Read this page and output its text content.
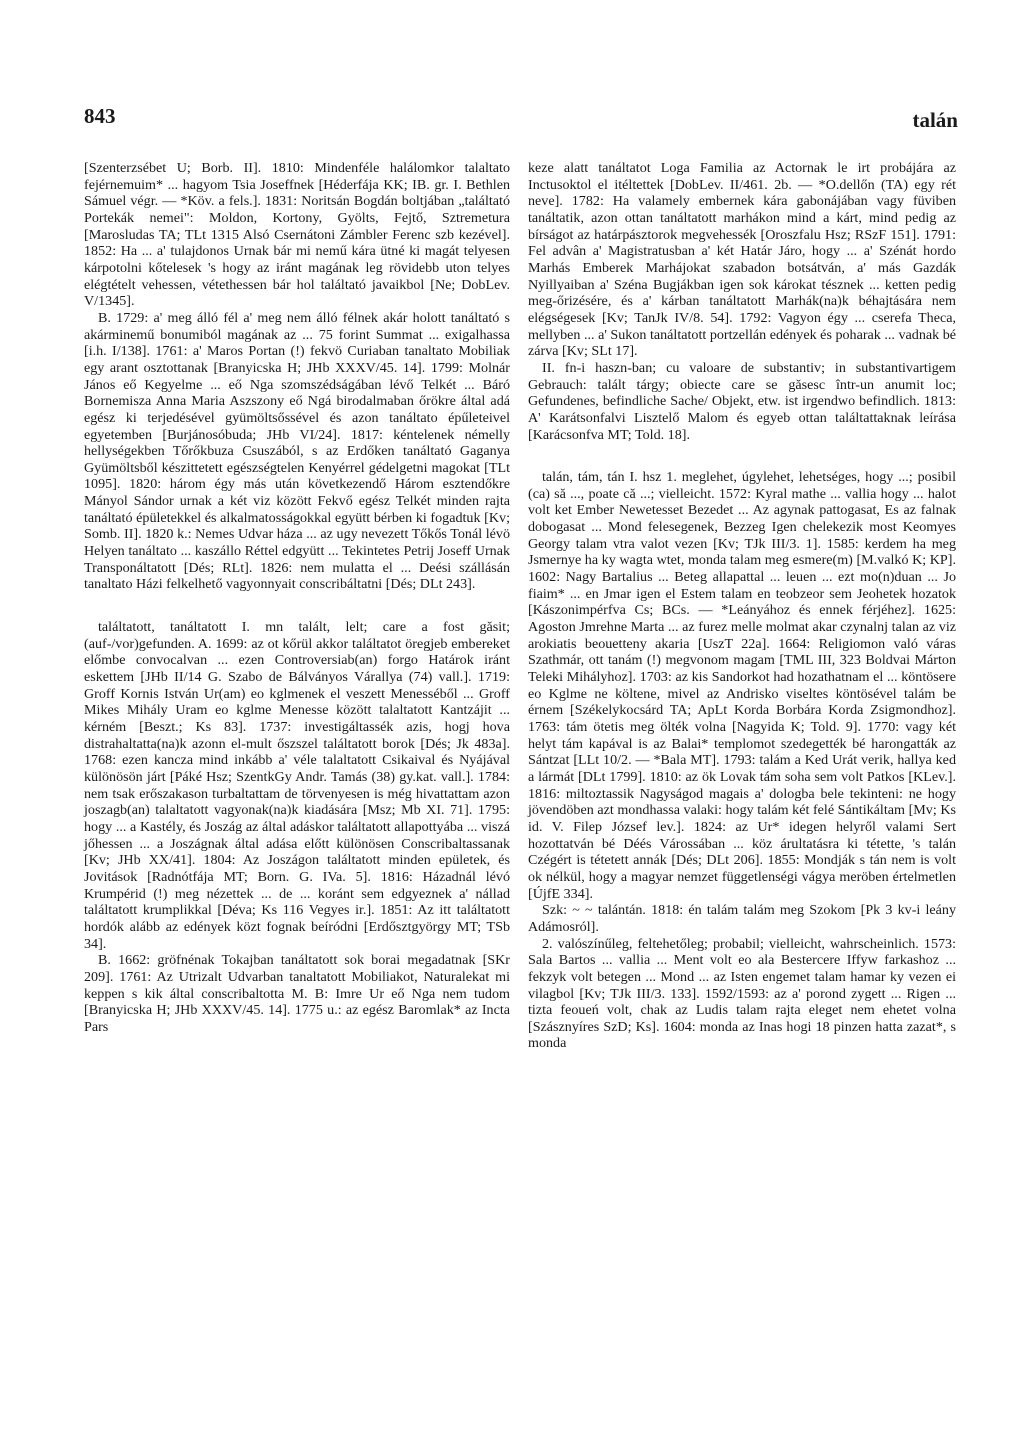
843	talán

[Szenterzsébet U; Borb. II]. 1810: Mindenféle halálomkor talaltato fejérnemuim* ... hagyom Tsia Joseffnek [Héderfája KK; IB. gr. I. Bethlen Sámuel végr. — *Köv. a fels.]. 1831: Noritsán Bogdán boltjában „találtató Portekák nemei": Moldon, Kortony, Gyölts, Fejtő, Sztremetura [Marosludas TA; TLt 1315 Alsó Csernátoni Zámbler Ferenc szb kezével]. 1852: Ha ... a' tulajdonos Urnak bár mi nemű kára ütné ki magát telyesen kárpotolni kőtelesek 's hogy az iránt magának leg rövidebb uton telyes elégtételt vehessen, vétethessen bár hol találtató javaikbol [Ne; DobLev. V/1345].

B. 1729: a' meg álló fél a' meg nem álló félnek akár holott tanáltató s akárminemű bonumiból magának az ... 75 forint Summat ... exigalhassa [i.h. I/138]. 1761: a' Maros Portan (!) fekvö Curiaban tanaltato Mobiliak egy arant osztottanak [Branyicska H; JHb XXXV/45. 14]. 1799: Molnár János eő Kegyelme ... eő Nga szomszédságában lévő Telkét ... Báró Bornemisza Anna Maria Aszszony eő Ngá birodalmaban őrökre által adá egész ki terjedésével gyümöltsőssével és azon tanáltato épűleteivel egyetemben [Burjánosóbuda; JHb VI/24]. 1817: kéntelenek némelly hellységekben Tőrőkbuza Csuszából, s az Erdőken tanáltató Gaganya Gyümöltsből készittetett egészségtelen Kenyérrel gédelgetni magokat [TLt 1095]. 1820: három égy más után következendő Három esztendőkre Mányol Sándor urnak a két viz között Fekvő egész Telkét minden rajta tanáltató épületekkel és alkalmatosságokkal együtt bérben ki fogadtuk [Kv; Somb. II]. 1820 k.: Nemes Udvar háza ... az ugy nevezett Tőkős Tonál lévö Helyen tanáltato ... kaszállo Réttel edgyütt ... Tekintetes Petrij Joseff Urnak Transponáltatott [Dés; RLt]. 1826: nem mulatta el ... Deési szállásán tanaltato Házi felkelhető vagyonnyait conscribáltatni [Dés; DLt 243].

találtatott, tanáltatott I. mn talált, lelt; care a fost găsit; (auf-/vor)gefunden. A. 1699: az ot kőrül akkor találtatot öregjeb embereket előmbe convocalvan ... ezen Controversiab(an) forgo Határok iránt eskettem [JHb II/14 G. Szabo de Bálványos Várallya (74) vall.]. 1719: Groff Kornis István Ur(am) eo kglmenek el veszett Menesséből ... Groff Mikes Mihály Uram eo kglme Menesse között talaltatott Kantzájit ... kérném [Beszt.; Ks 83]. 1737: investigáltassék azis, hogj hova distrahaltatta(na)k azonn el-mult őszszel találtatott borok [Dés; Jk 483a]. 1768: ezen kancza mind inkább a' véle talaltatott Csikaival és Nyájával különösön járt [Páké Hsz; SzentkGy Andr. Tamás (38) gy.kat. vall.]. 1784: nem tsak erőszakason turbaltattam de törvenyesen is még hivattattam azon joszagb(an) talaltatott vagyonak(na)k kiadására [Msz; Mb XI. 71]. 1795: hogy ... a Kastély, és Joszág az által adáskor találtatott allapottyába ... viszá jőhessen ... a Joszágnak által adása előtt különösen Conscribaltassanak [Kv; JHb XX/41]. 1804: Az Joszágon találtatott minden epületek, és Jovitások [Radnótfája MT; Born. G. IVa. 5]. 1816: Házadnál lévó Krumpérid (!) meg nézettek ... de ... koránt sem edgyeznek a' nállad találtatott krumplikkal [Déva; Ks 116 Vegyes ir.]. 1851: Az itt találtatott hordók alább az edények közt fognak beíródni [Erdősztgyörgy MT; TSb 34].

B. 1662: gröfnénak Tokajban tanáltatott sok borai megadatnak [SKr 209]. 1761: Az Utrizalt Udvarban tanaltatott Mobiliakot, Naturalekat mi keppen s kik által conscribaltotta M. B: Imre Ur eő Nga nem tudom [Branyicska H; JHb XXXV/45. 14]. 1775 u.: az egész Baromlak* az Incta Pars

keze alatt tanáltatot Loga Familia az Actornak le irt probájára az Inctusoktol el itéltettek [DobLev. II/461. 2b. — *O.dellőn (TA) egy rét neve]. 1782: Ha valamely embernek kára gabonájában vagy füviben tanáltatik, azon ottan tanáltatott marhákon mind a kárt, mind pedig az bírságot az határpásztorok megvehessék [Oroszfalu Hsz; RSzF 151]. 1791: Fel advân a' Magistratusban a' két Határ Járo, hogy ... a' Szénát hordo Marhás Emberek Marhájokat szabadon botsátván, a' más Gazdák Nyillyaiban a' Széna Bugjákban igen sok károkat tésznek ... ketten pedig meg-őrizésére, és a' kárban tanáltatott Marhák(na)k béhajtására nem elégségesek [Kv; TanJk IV/8. 54]. 1792: Vagyon égy ... cserefa Theca, mellyben ... a' Sukon tanáltatott portzellán edények és poharak ... vadnak bé zárva [Kv; SLt 17].

II. fn-i haszn-ban; cu valoare de substantiv; in substantivartigem Gebrauch: talált tárgy; obiecte care se găsesc într-un anumit loc; Gefundenes, befindliche Sache/ Objekt, etw. ist irgendwo befindlich. 1813: A' Karátsonfalvi Lisztelő Malom és egyeb ottan találtattaknak leírása [Karácsonfva MT; Told. 18].

talán, tám, tán I. hsz 1. meglehet, úgylehet, lehetséges, hogy ...; posibil (ca) să ..., poate că ...; vielleicht. 1572: Kyral mathe ... vallia hogy ... halot volt ket Ember Newetesset Bezedet ... Az agynak pattogasat, Es az falnak dobogasat ... Mond felesegenek, Bezzeg Igen chelekezik most Keomyes Georgy talam vtra valot vezen [Kv; TJk III/3. 1]. 1585: kerdem ha meg Jsmernye ha ky wagta wtet, monda talam meg esmere(m) [M.valkó K; KP]. 1602: Nagy Bartalius ... Beteg allapattal ... leuen ... ezt mo(n)duan ... Jo fiaim* ... en Jmar igen el Estem talam en teobzeor sem Jeohetek hozatok [Kászonimpérfva Cs; BCs. — *Leányához és ennek férjéhez]. 1625: Agoston Jmrehne Marta ... az furez melle molmat akar czynalnj talan az viz arokiatis beouetteny akaria [UszT 22a]. 1664: Religiomon való váras Szathmár, ott tanám (!) megvonom magam [TML III, 323 Boldvai Márton Teleki Mihályhoz]. 1703: az kis Sandorkot had hozathatnam el ... köntösere eo Kglme ne költene, mivel az Andrisko viseltes köntösével talám be érnem [Székelykocsárd TA; ApLt Korda Borbára Korda Zsigmondhoz]. 1763: tám ötetis meg ölték volna [Nagyida K; Told. 9]. 1770: vagy két helyt tám kapával is az Balai* templomot szedegették bé harongatták az Sántzat [LLt 10/2. — *Bala MT]. 1793: talám a Ked Urát verik, hallya ked a lármát [DLt 1799]. 1810: az ök Lovak tám soha sem volt Patkos [KLev.]. 1816: miltoztassik Nagyságod magais a' dologba bele tekinteni: ne hogy jövendöben azt mondhassa valaki: hogy talám két felé Sántikáltam [Mv; Ks id. V. Filep József lev.]. 1824: az Ur* idegen helyről valami Sert hozottatván bé Déés Várossában ... köz árultatásra ki tétette, 's talán Czégért is tétetett annák [Dés; DLt 206]. 1855: Mondják s tán nem is volt ok nélkül, hogy a magyar nemzet függetlenségi vágya meröben értelmetlen [ÚjfE 334].

Szk: ~ ~ talántán. 1818: én talám talám meg Szokom [Pk 3 kv-i leány Adámosról].

2. valószínűleg, feltehetőleg; probabil; vielleicht, wahrscheinlich. 1573: Sala Bartos ... vallia ... Ment volt eo ala Bestercere Iffyw farkashoz ... fekzyk volt betegen ... Mond ... az Isten engemet talam hamar ky vezen ei vilagbol [Kv; TJk III/3. 133]. 1592/1593: az a' porond zygett ... Rigen ... tizta feoueń volt, chak az Ludis talam rajta eleget nem ehetet volna [Szásznyíres SzD; Ks]. 1604: monda az Inas hogi 18 pinzen hatta zazat*, s monda
